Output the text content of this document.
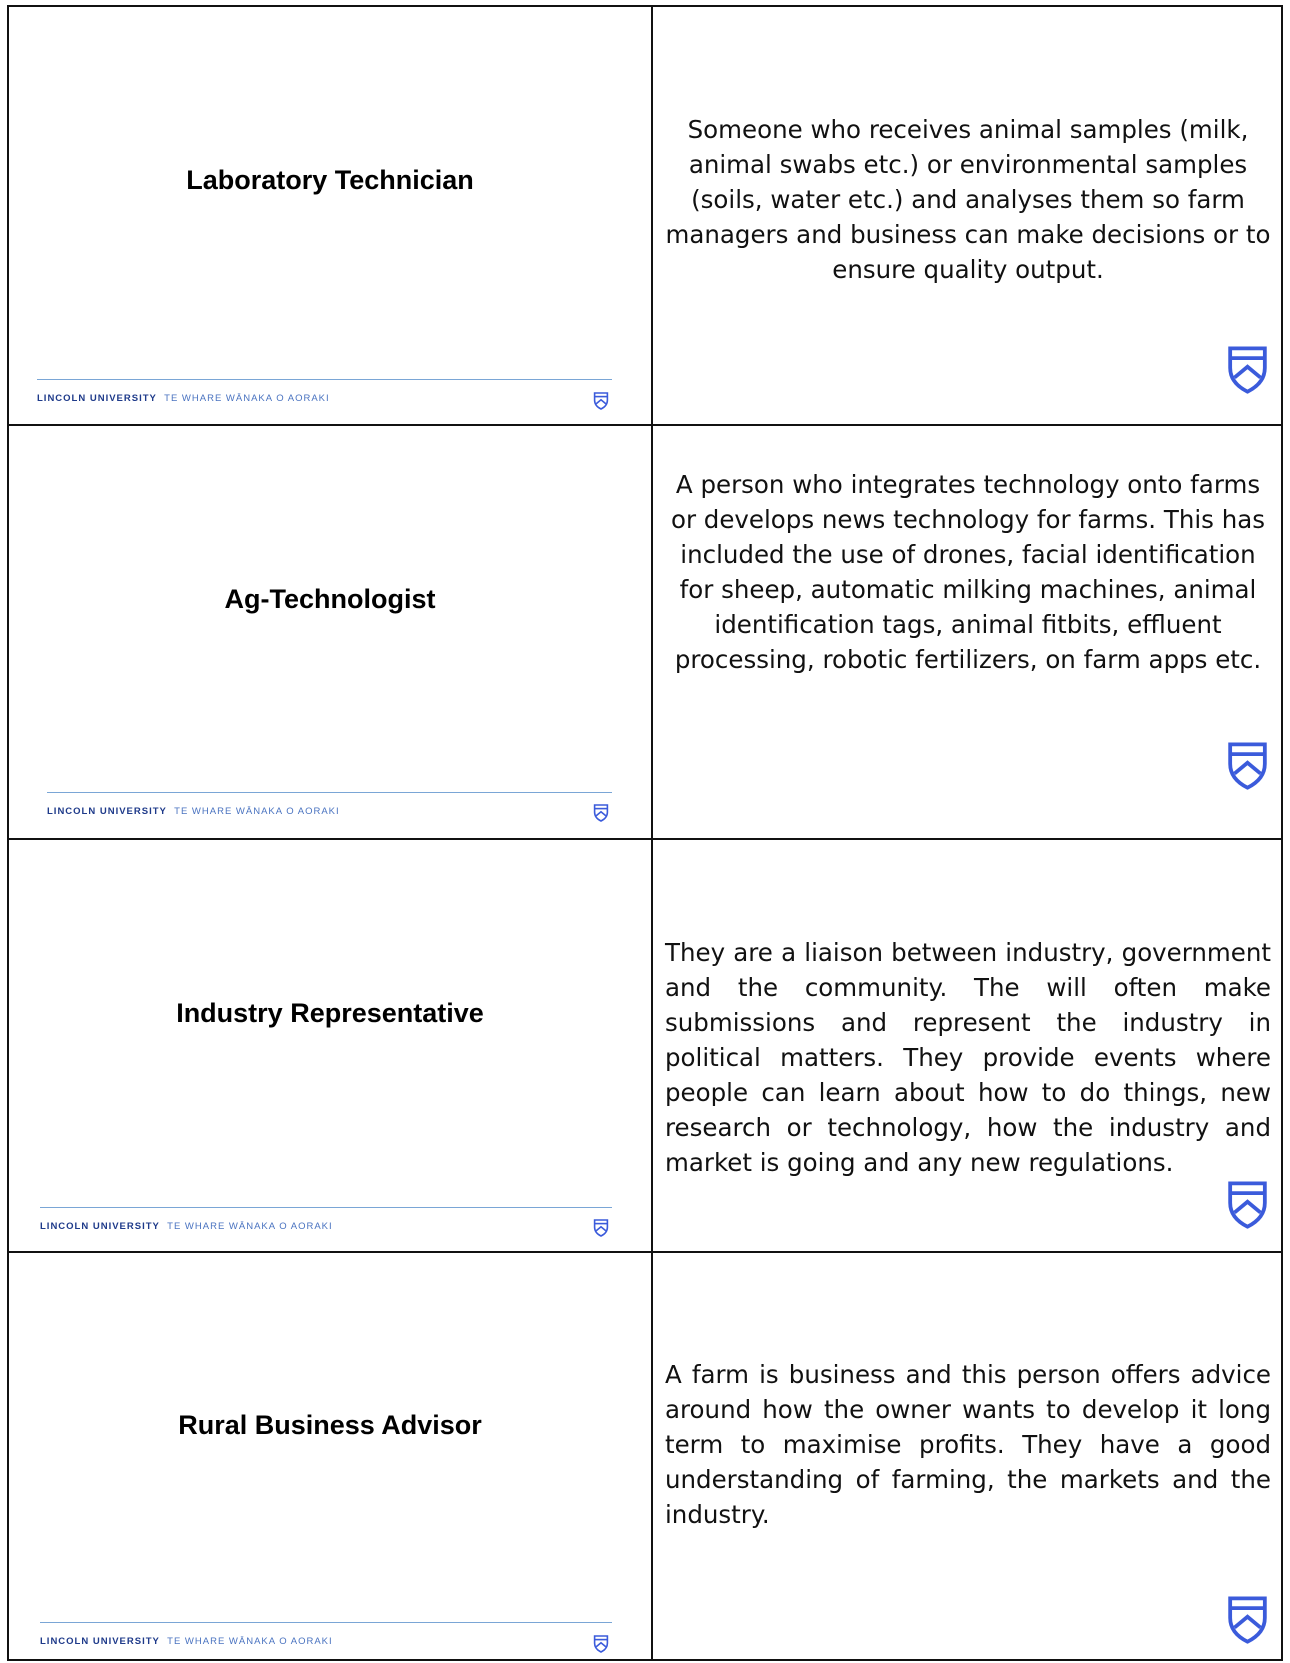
Laboratory Technician
LINCOLN UNIVERSITY TE WHARE WĀNAKA O AORAKI
Someone who receives animal samples (milk, animal swabs etc.) or environmental samples (soils, water etc.) and analyses them so farm managers and business can make decisions or to ensure quality output.
Ag-Technologist
LINCOLN UNIVERSITY TE WHARE WĀNAKA O AORAKI
A person who integrates technology onto farms or develops news technology for farms. This has included the use of drones, facial identification for sheep, automatic milking machines, animal identification tags, animal fitbits, effluent processing, robotic fertilizers, on farm apps etc.
Industry Representative
LINCOLN UNIVERSITY TE WHARE WĀNAKA O AORAKI
They are a liaison between industry, government and the community. The will often make submissions and represent the industry in political matters. They provide events where people can learn about how to do things, new research or technology, how the industry and market is going and any new regulations.
Rural Business Advisor
LINCOLN UNIVERSITY TE WHARE WĀNAKA O AORAKI
A farm is business and this person offers advice around how the owner wants to develop it long term to maximise profits. They have a good understanding of farming, the markets and the industry.
